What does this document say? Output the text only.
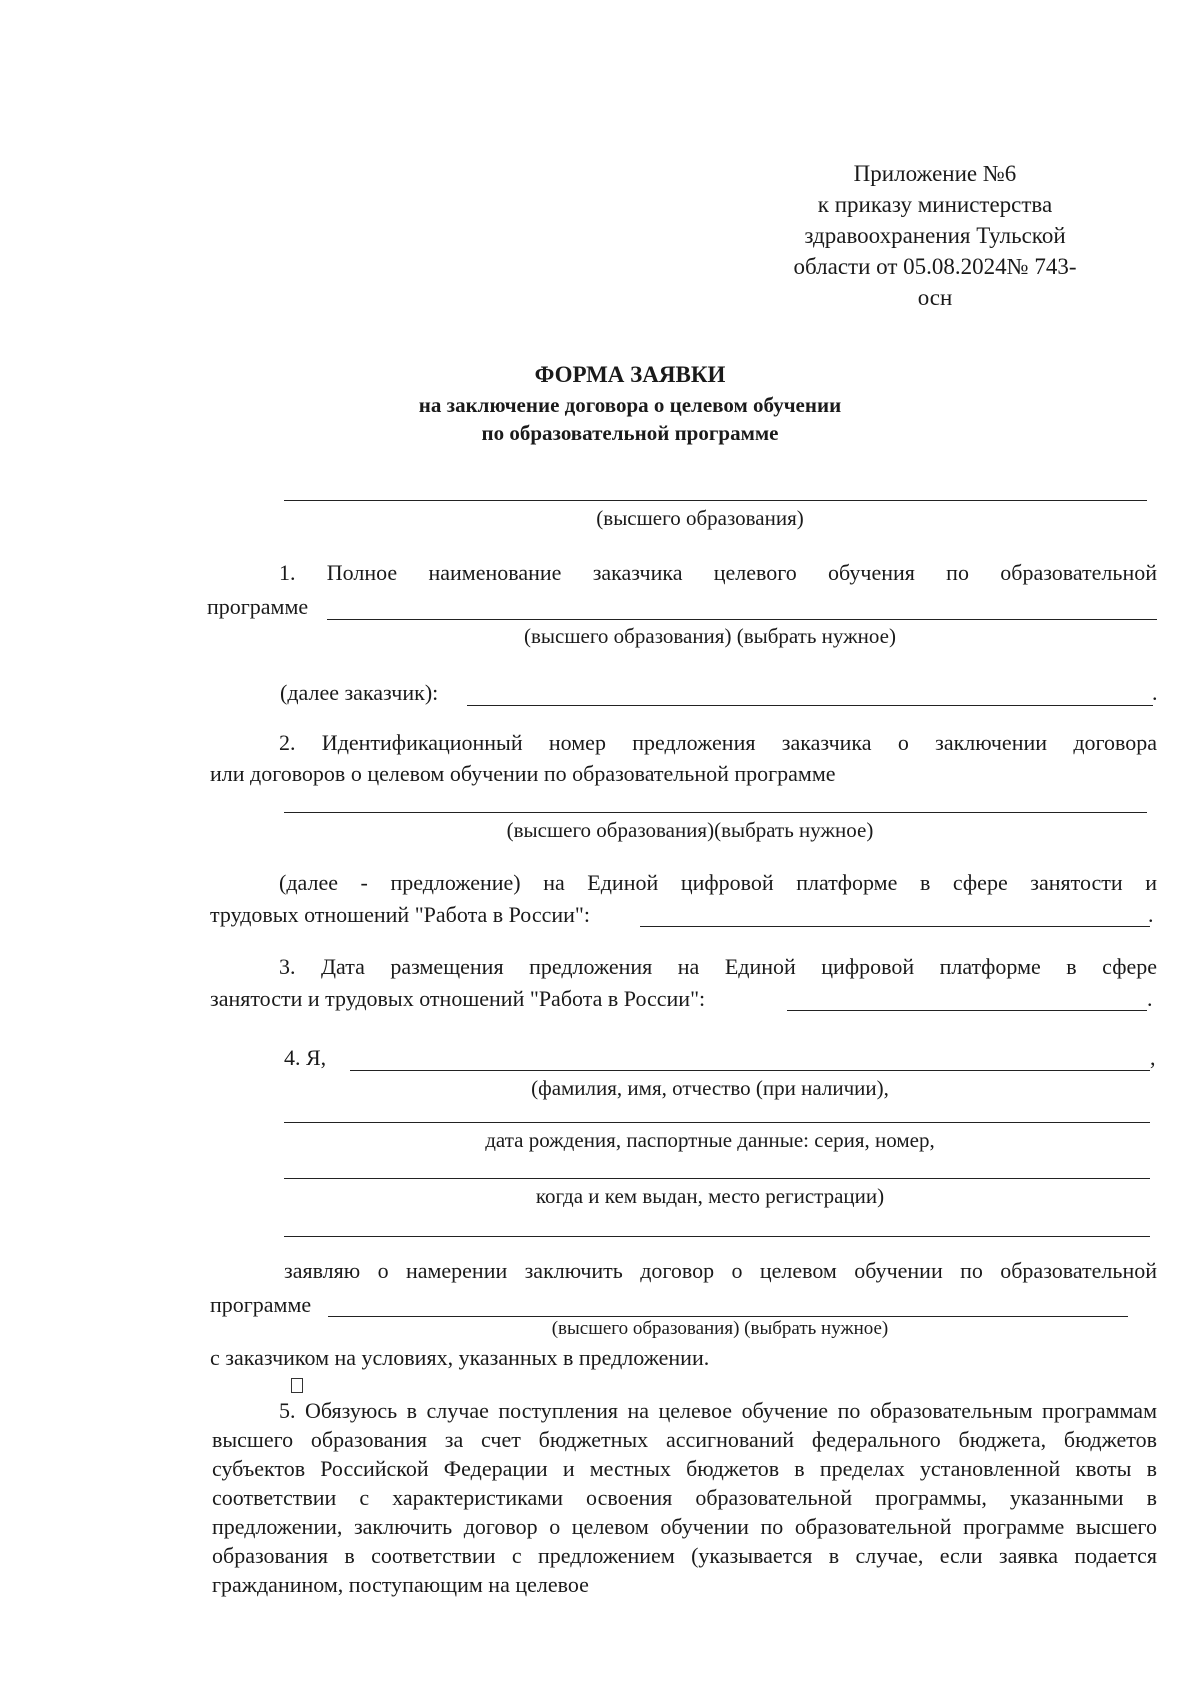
Приложение №6
к приказу министерства
здравоохранения Тульской
области от 05.08.2024№ 743-
осн
ФОРМА ЗАЯВКИ
на заключение договора о целевом обучении
по образовательной программе
(высшего образования)
1. Полное наименование заказчика целевого обучения по образовательной
программе
(высшего образования) (выбрать нужное)
(далее заказчик):	.
2. Идентификационный номер предложения заказчика о заключении договора
или договоров о целевом обучении по образовательной программе
(высшего образования)(выбрать нужное)
(далее - предложение) на Единой цифровой платформе в сфере занятости и
трудовых отношений "Работа в России":	.
3. Дата размещения предложения на Единой цифровой платформе в сфере
занятости и трудовых отношений "Работа в России":	.
4. Я,	,
(фамилия, имя, отчество (при наличии),
дата рождения, паспортные данные: серия, номер,
когда и кем выдан, место регистрации)
заявляю о намерении заключить договор о целевом обучении по образовательной
программе
(высшего образования) (выбрать нужное)
с заказчиком на условиях, указанных в предложении.
5. Обязуюсь в случае поступления на целевое обучение по образовательным программам высшего образования за счет бюджетных ассигнований федерального бюджета, бюджетов субъектов Российской Федерации и местных бюджетов в пределах установленной квоты в соответствии с характеристиками освоения образовательной программы, указанными в предложении, заключить договор о целевом обучении по образовательной программе высшего образования в соответствии с предложением (указывается в случае, если заявка подается гражданином, поступающим на целевое
